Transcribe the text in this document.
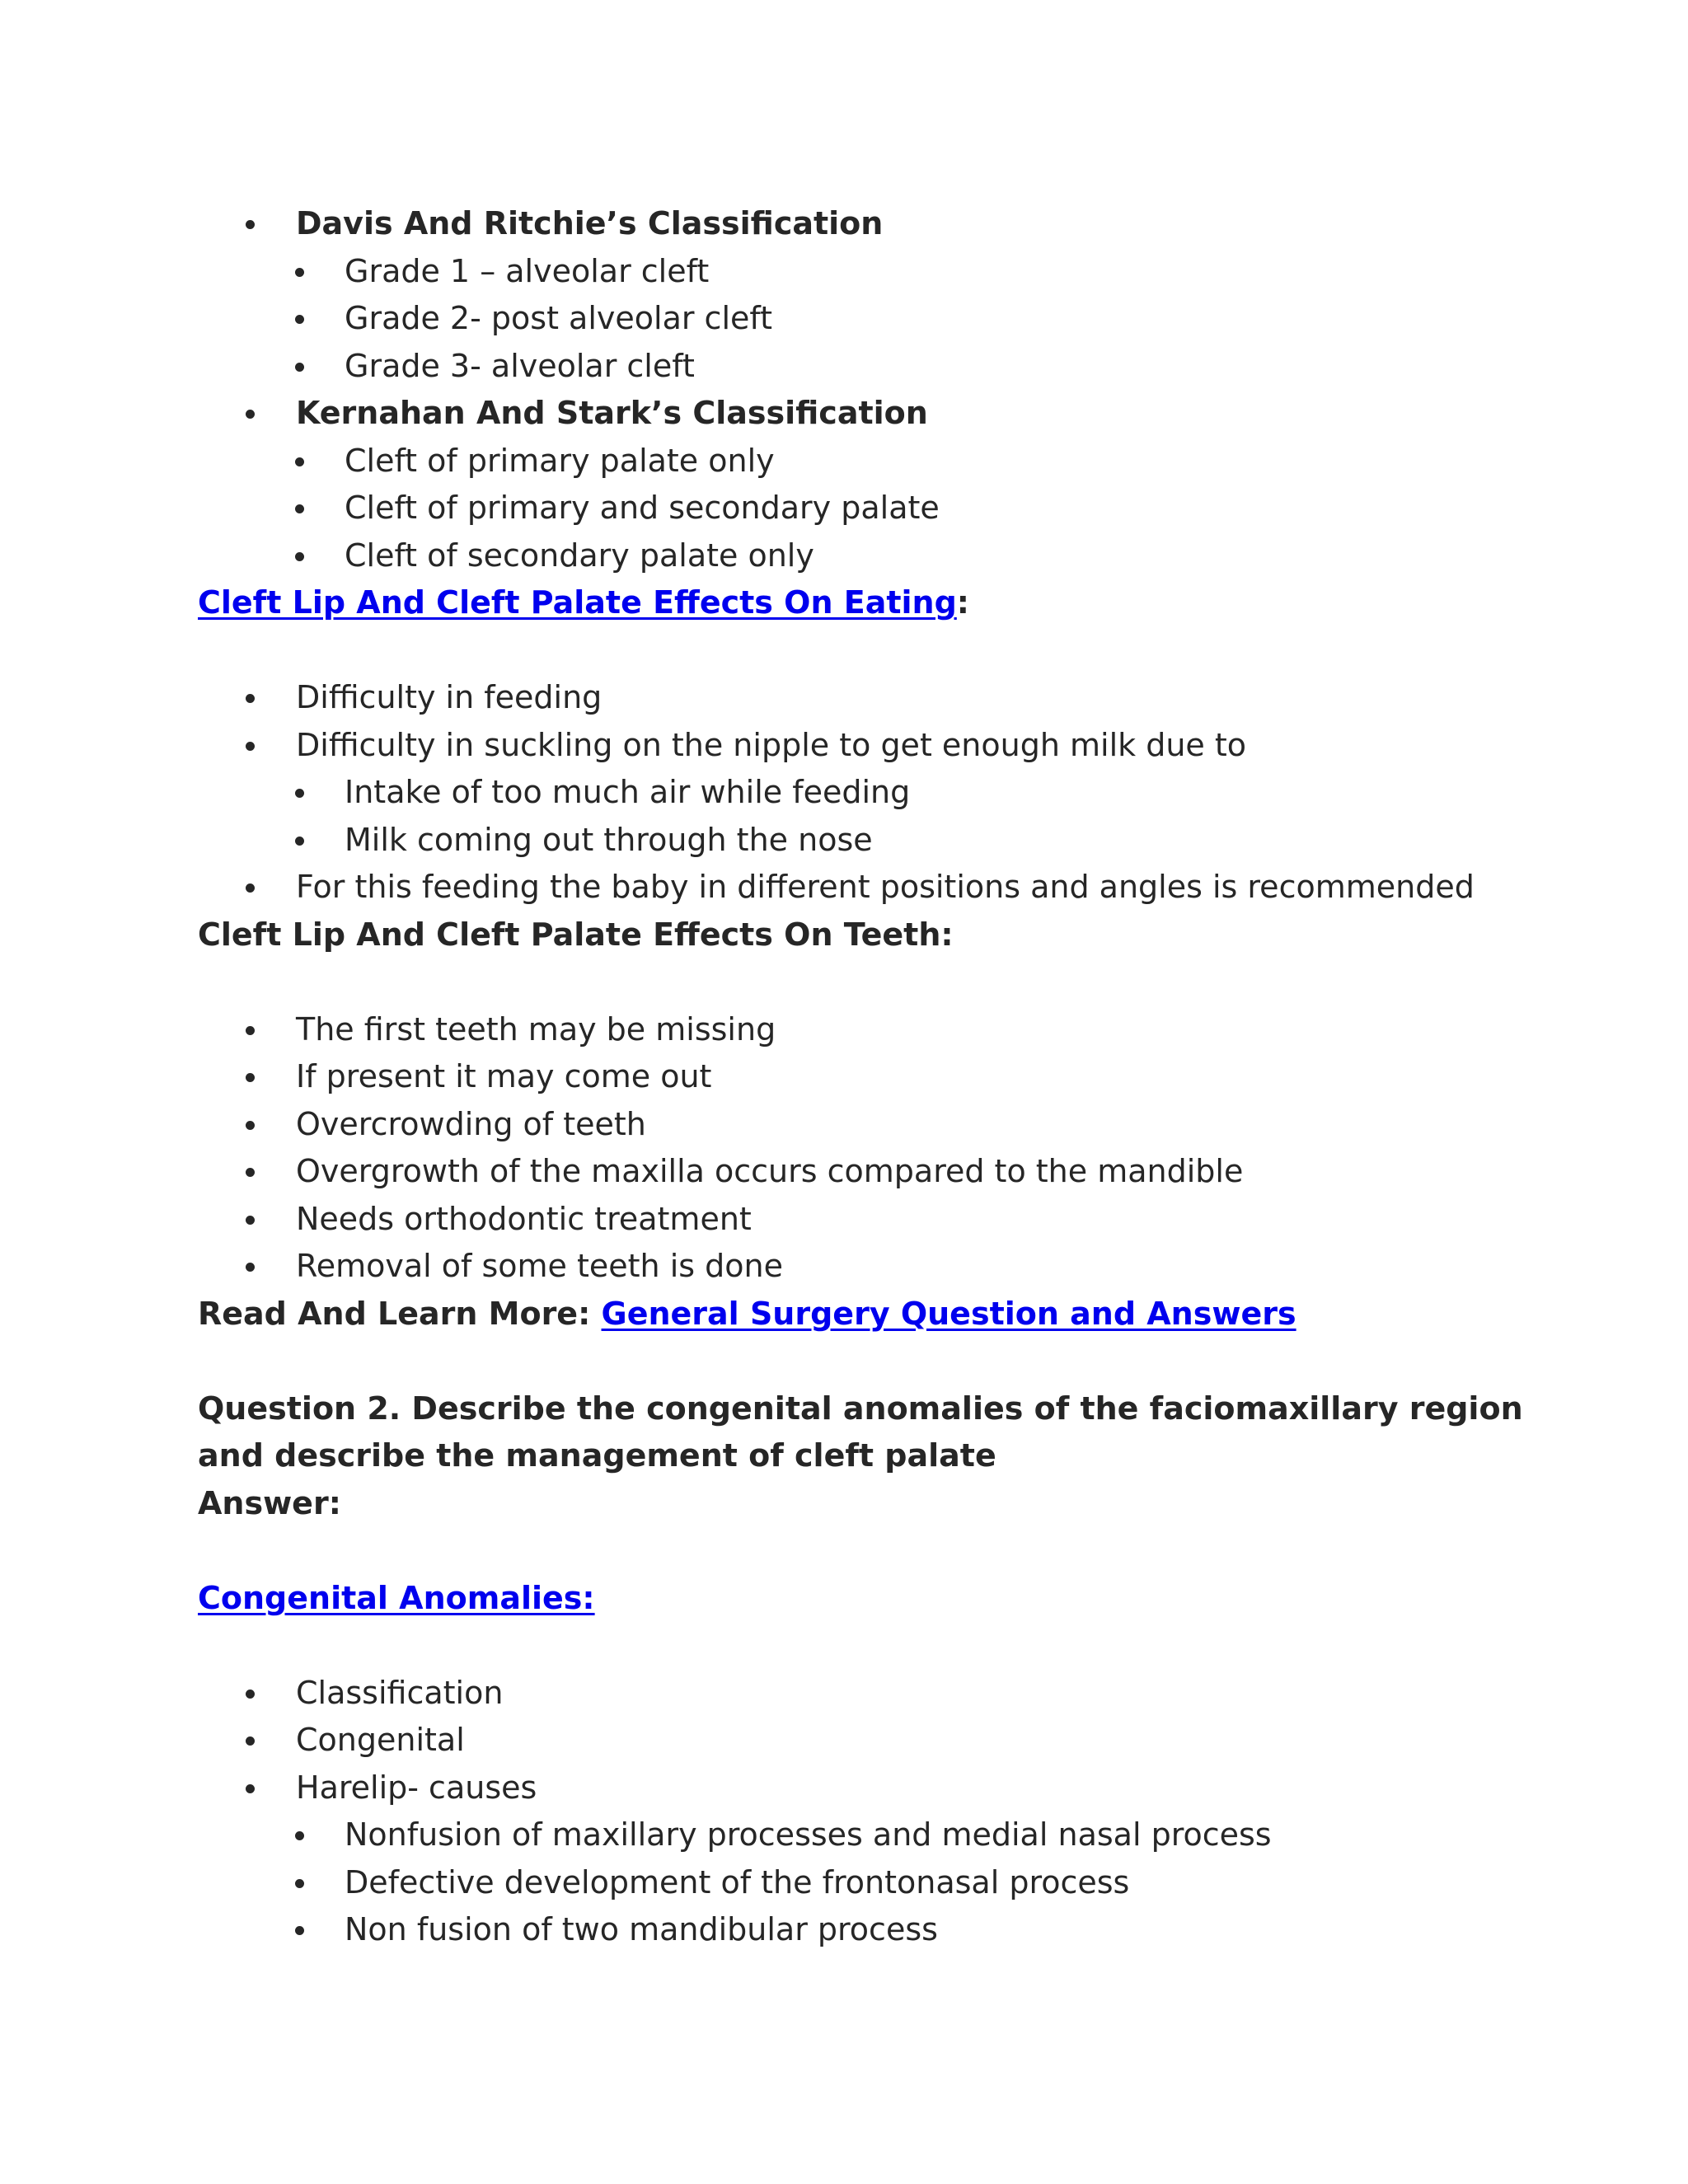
Davis And Ritchie’s Classification
Grade 1 – alveolar cleft
Grade 2- post alveolar cleft
Grade 3- alveolar cleft
Kernahan And Stark’s Classification
Cleft of primary palate only
Cleft of primary and secondary palate
Cleft of secondary palate only
Cleft Lip And Cleft Palate Effects On Eating:
Difficulty in feeding
Difficulty in suckling on the nipple to get enough milk due to
Intake of too much air while feeding
Milk coming out through the nose
For this feeding the baby in different positions and angles is recommended
Cleft Lip And Cleft Palate Effects On Teeth:
The first teeth may be missing
If present it may come out
Overcrowding of teeth
Overgrowth of the maxilla occurs compared to the mandible
Needs orthodontic treatment
Removal of some teeth is done
Read And Learn More: General Surgery Question and Answers
Question 2. Describe the congenital anomalies of the faciomaxillary region
and describe the management of cleft palate
Answer:
Congenital Anomalies:
Classification
Congenital
Harelip- causes
Nonfusion of maxillary processes and medial nasal process
Defective development of the frontonasal process
Non fusion of two mandibular process
